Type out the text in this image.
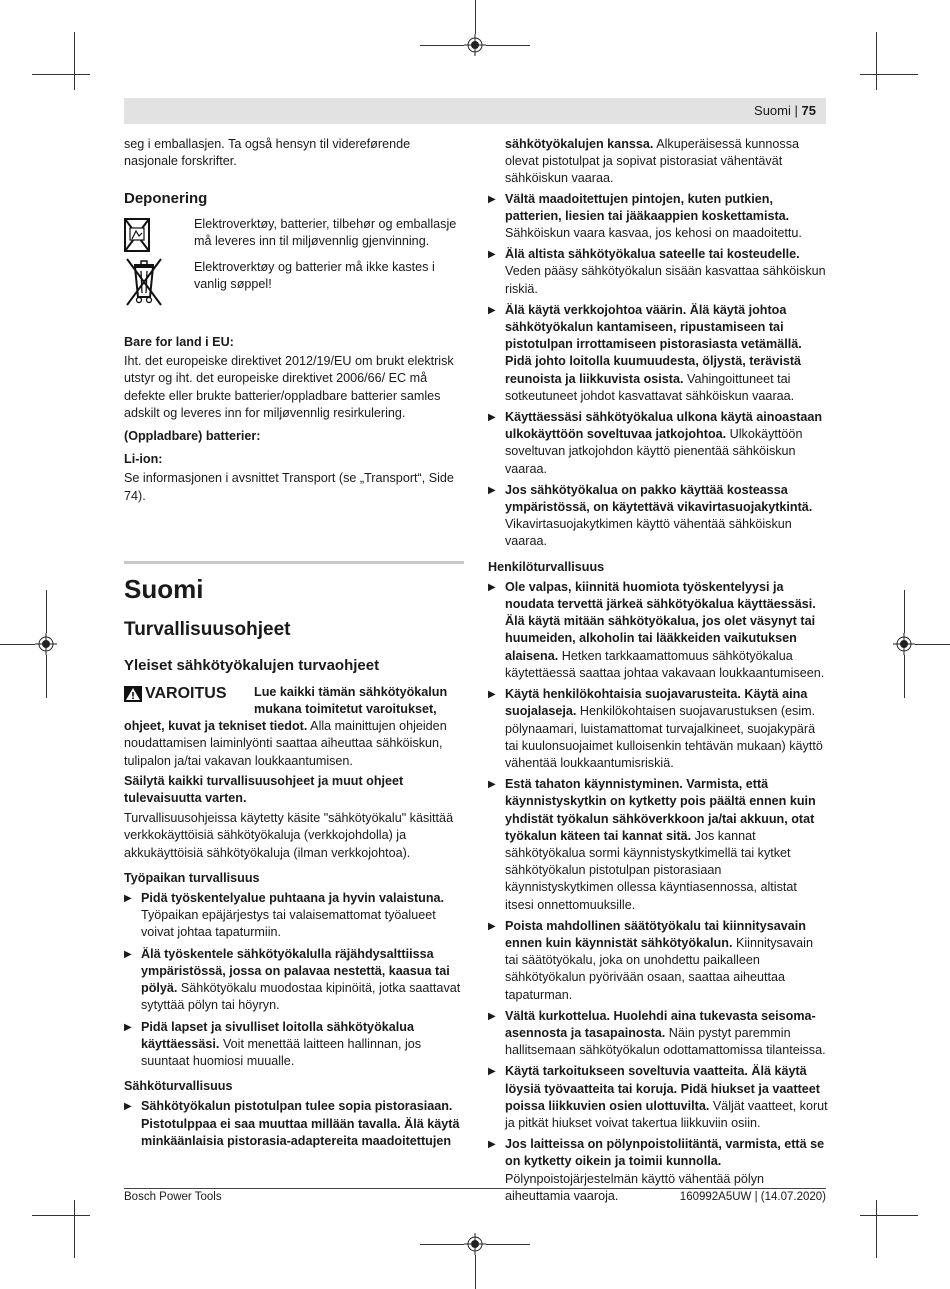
Suomi | 75

seg i emballasjen. Ta også hensyn til videreførende nasjonale forskrifter.

Deponering
Elektroverktøy, batterier, tilbehør og emballasje må leveres inn til miljøvennlig gjenvinning.
Elektroverktøy og batterier må ikke kastes i vanlig søppel!
Bare for land i EU:

Iht. det europeiske direktivet 2012/19/EU om brukt elektrisk utstyr og iht. det europeiske direktivet 2006/66/ EC må defekte eller brukte batterier/oppladbare batterier samles adskilt og leveres inn for miljøvennlig resirkulering.

(Oppladbare) batterier:
Li-ion:

Se informasjonen i avsnittet Transport (se „Transport“, Side 74).

Suomi
Turvallisuusohjeet
Yleiset sähkötyökalujen turvaohjeet
VAROITUS	Lue kaikki tämän sähkötyökalun mukana toimitetut varoitukset, ohjeet, kuvat ja tekniset tiedot. Alla mainittujen ohjeiden noudattamisen laiminlyönti saattaa aiheuttaa sähköiskun, tulipalon ja/tai vakavan loukkaantumisen.

Säilytä kaikki turvallisuusohjeet ja muut ohjeet tulevaisuutta varten.

Turvallisuusohjeissa käytetty käsite "sähkötyökalu" käsittää verkkokäyttöisiä sähkötyökaluja (verkkojohdolla) ja akkukäyttöisiä sähkötyökaluja (ilman verkkojohtoa).

Työpaikan turvallisuus
▶ Pidä työskentelyalue puhtaana ja hyvin valaistuna. Työpaikan epäjärjestys tai valaisemattomat työalueet voivat johtaa tapaturmiin.
▶ Älä työskentele sähkötyökalulla räjähdysalttiissa ympäristössä, jossa on palavaa nestettä, kaasua tai pölyä. Sähkötyökalu muodostaa kipinöitä, jotka saattavat sytyttää pölyn tai höyryn.
▶ Pidä lapset ja sivulliset loitolla sähkötyökalua käyttäessäsi. Voit menettää laitteen hallinnan, jos suuntaat huomiosi muualle.
Sähköturvallisuus
▶ Sähkötyökalun pistotulpan tulee sopia pistorasiaan. Pistotulppaa ei saa muuttaa millään tavalla. Älä käytä minkäänlaisia pistorasia-adaptereita maadoitettujen

sähkötyökalujen kanssa. Alkuperäisessä kunnossa olevat pistotulpat ja sopivat pistorasiat vähentävät sähköiskun vaaraa.

▶ Vältä maadoitettujen pintojen, kuten putkien, patterien, liesien tai jääkaappien koskettamista. Sähköiskun vaara kasvaa, jos kehosi on maadoitettu.
▶ Älä altista sähkötyökalua sateelle tai kosteudelle. Veden pääsy sähkötyökalun sisään kasvattaa sähköiskun riskiä.
▶ Älä käytä verkkojohtoa väärin. Älä käytä johtoa sähkötyökalun kantamiseen, ripustamiseen tai pistotulpan irrottamiseen pistorasiasta vetämällä. Pidä johto loitolla kuumuudesta, öljystä, terävistä reunoista ja liikkuvista osista. Vahingoittuneet tai sotkeutuneet johdot kasvattavat sähköiskun vaaraa.
▶ Käyttäessäsi sähkötyökalua ulkona käytä ainoastaan ulkokäyttöön soveltuvaa jatkojohtoa. Ulkokäyttöön soveltuvan jatkojohdon käyttö pienentää sähköiskun vaaraa.
▶ Jos sähkötyökalua on pakko käyttää kosteassa ympäristössä, on käytettävä vikavirtasuojakytkintä. Vikavirtasuojakytkimen käyttö vähentää sähköiskun vaaraa.
Henkilöturvallisuus
▶ Ole valpas, kiinnitä huomiota työskentelyysi ja noudata tervettä järkeä sähkötyökalua käyttäessäsi. Älä käytä mitään sähkötyökalua, jos olet väsynyt tai huumeiden, alkoholin tai lääkkeiden vaikutuksen alaisena. Hetken tarkkaamattomuus sähkötyökalua käytettäessä saattaa johtaa vakavaan loukkaantumiseen.
▶ Käytä henkilökohtaisia suojavarusteita. Käytä aina suojalaseja. Henkilökohtaisen suojavarustuksen (esim. pölynaamari, luistamattomat turvajalkineet, suojakypärä tai kuulonsuojaimet kulloisenkin tehtävän mukaan) käyttö vähentää loukkaantumisriskiä.
▶ Estä tahaton käynnistyminen. Varmista, että käynnistyskytkin on kytketty pois päältä ennen kuin yhdistät työkalun sähköverkkoon ja/tai akkuun, otat työkalun käteen tai kannat sitä. Jos kannat sähkötyökalua sormi käynnistyskytkimellä tai kytket sähkötyökalun pistotulpan pistorasiaan käynnistyskytkimen ollessa käyntiasennossa, altistat itsesi onnettomuuksille.
▶ Poista mahdollinen säätötyökalu tai kiinnitysavain ennen kuin käynnistät sähkötyökalun. Kiinnitysavain tai säätötyökalu, joka on unohdettu paikalleen sähkötyökalun pyörivään osaan, saattaa aiheuttaa tapaturman.
▶ Vältä kurkottelua. Huolehdi aina tukevasta seisoma-asennosta ja tasapainosta. Näin pystyt paremmin hallitsemaan sähkötyökalun odottamattomissa tilanteissa.
▶ Käytä tarkoitukseen soveltuvia vaatteita. Älä käytä löysiä työvaatteita tai koruja. Pidä hiukset ja vaatteet poissa liikkuvien osien ulottuvilta. Väljät vaatteet, korut ja pitkät hiukset voivat takertua liikkuviin osiin.
▶ Jos laitteissa on pölynpoistoliitäntä, varmista, että se on kytketty oikein ja toimii kunnolla. Pölynpoistojärjestelmän käyttö vähentää pölyn aiheuttamia vaaroja.
Bosch Power Tools	160992A5UW | (14.07.2020)
